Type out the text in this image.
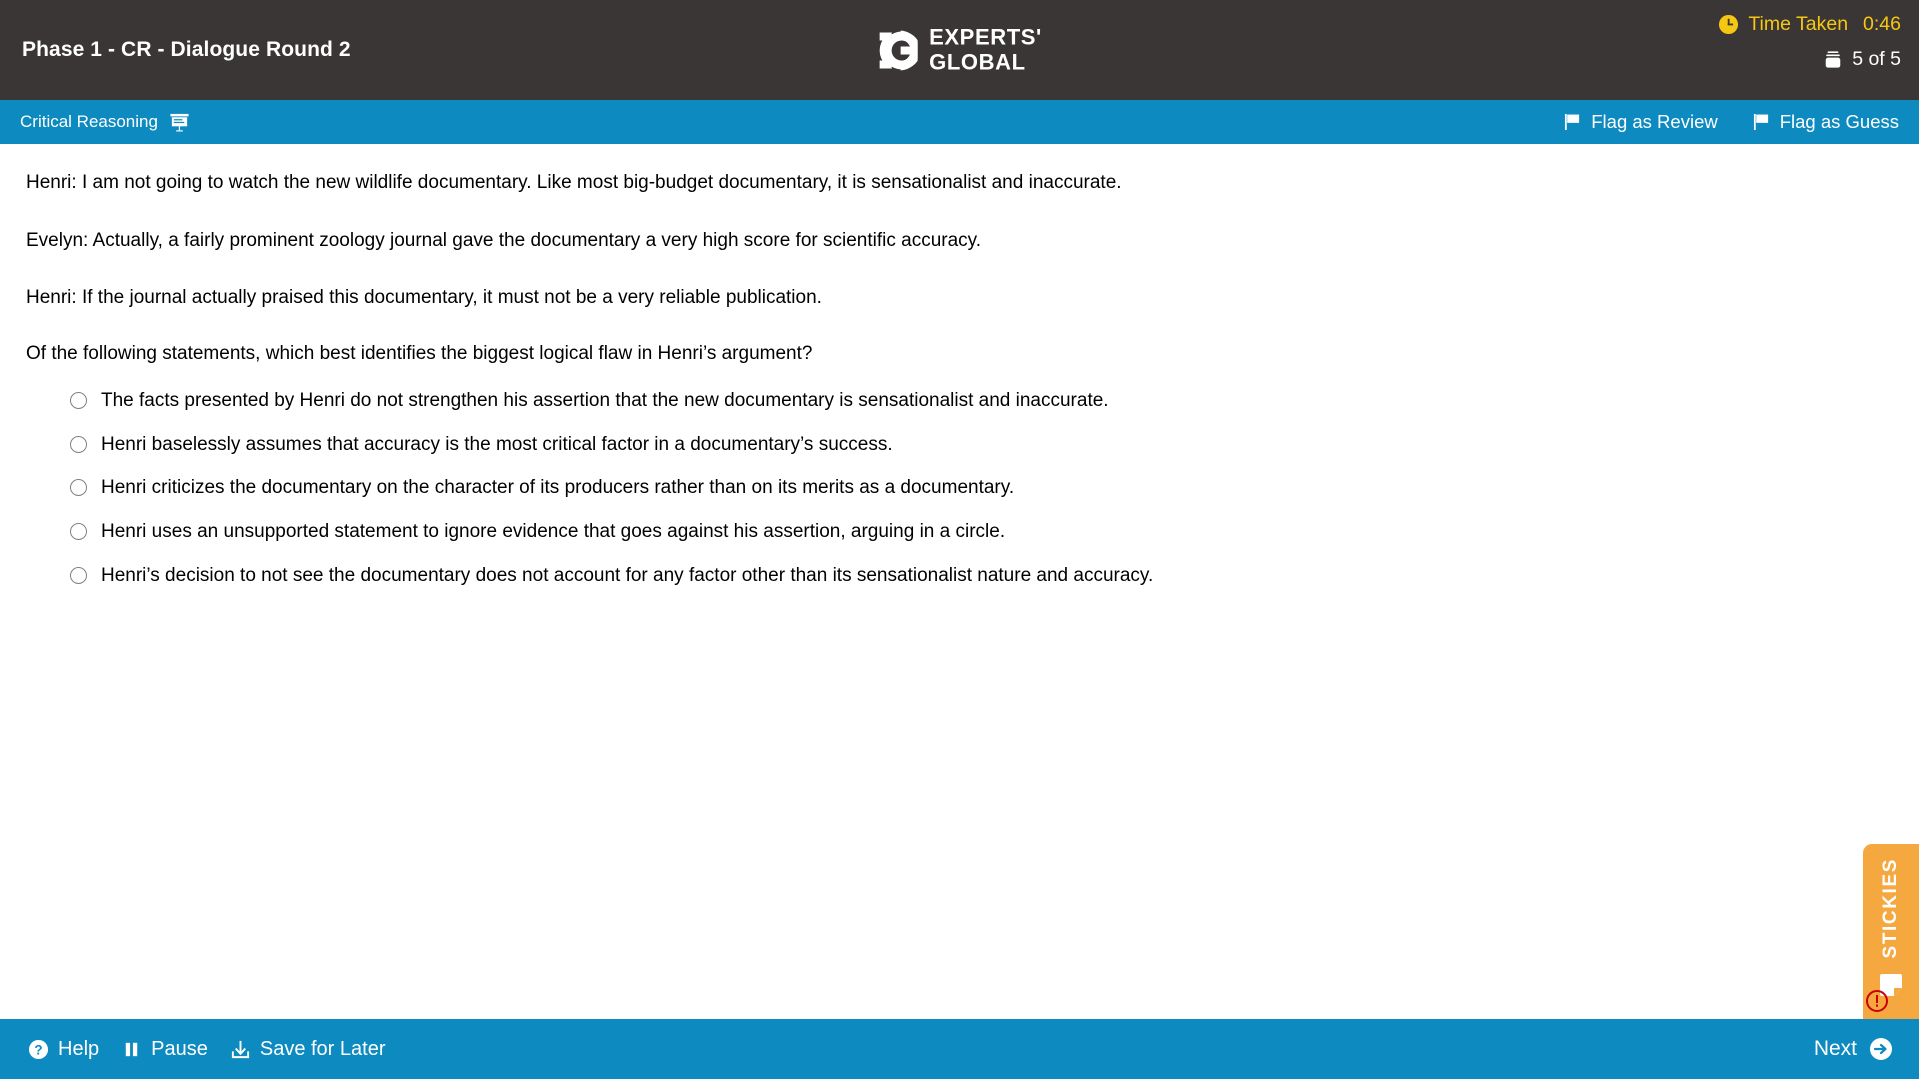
Phase 1 - CR - Dialogue Round 2	EXPERTS'
GLOBAL
Time Taken 0:46
5 of 5
Critical Reasoning	Flag as Review	Flag as Guess

Henri: I am not going to watch the new wildlife documentary. Like most big-budget documentary, it is sensationalist and inaccurate.

Evelyn: Actually, a fairly prominent zoology journal gave the documentary a very high score for scientific accuracy.

Henri: If the journal actually praised this documentary, it must not be a very reliable publication.

Of the following statements, which best identifies the biggest logical flaw in Henri’s argument?
The facts presented by Henri do not strengthen his assertion that the new documentary is sensationalist and inaccurate.
Henri baselessly assumes that accuracy is the most critical factor in a documentary’s success.
Henri criticizes the documentary on the character of its producers rather than on its merits as a documentary.
Henri uses an unsupported statement to ignore evidence that goes against his assertion, arguing in a circle.
Henri’s decision to not see the documentary does not account for any factor other than its sensationalist nature and accuracy.
STICKIES
? Help	Pause	Save for Later	Next
